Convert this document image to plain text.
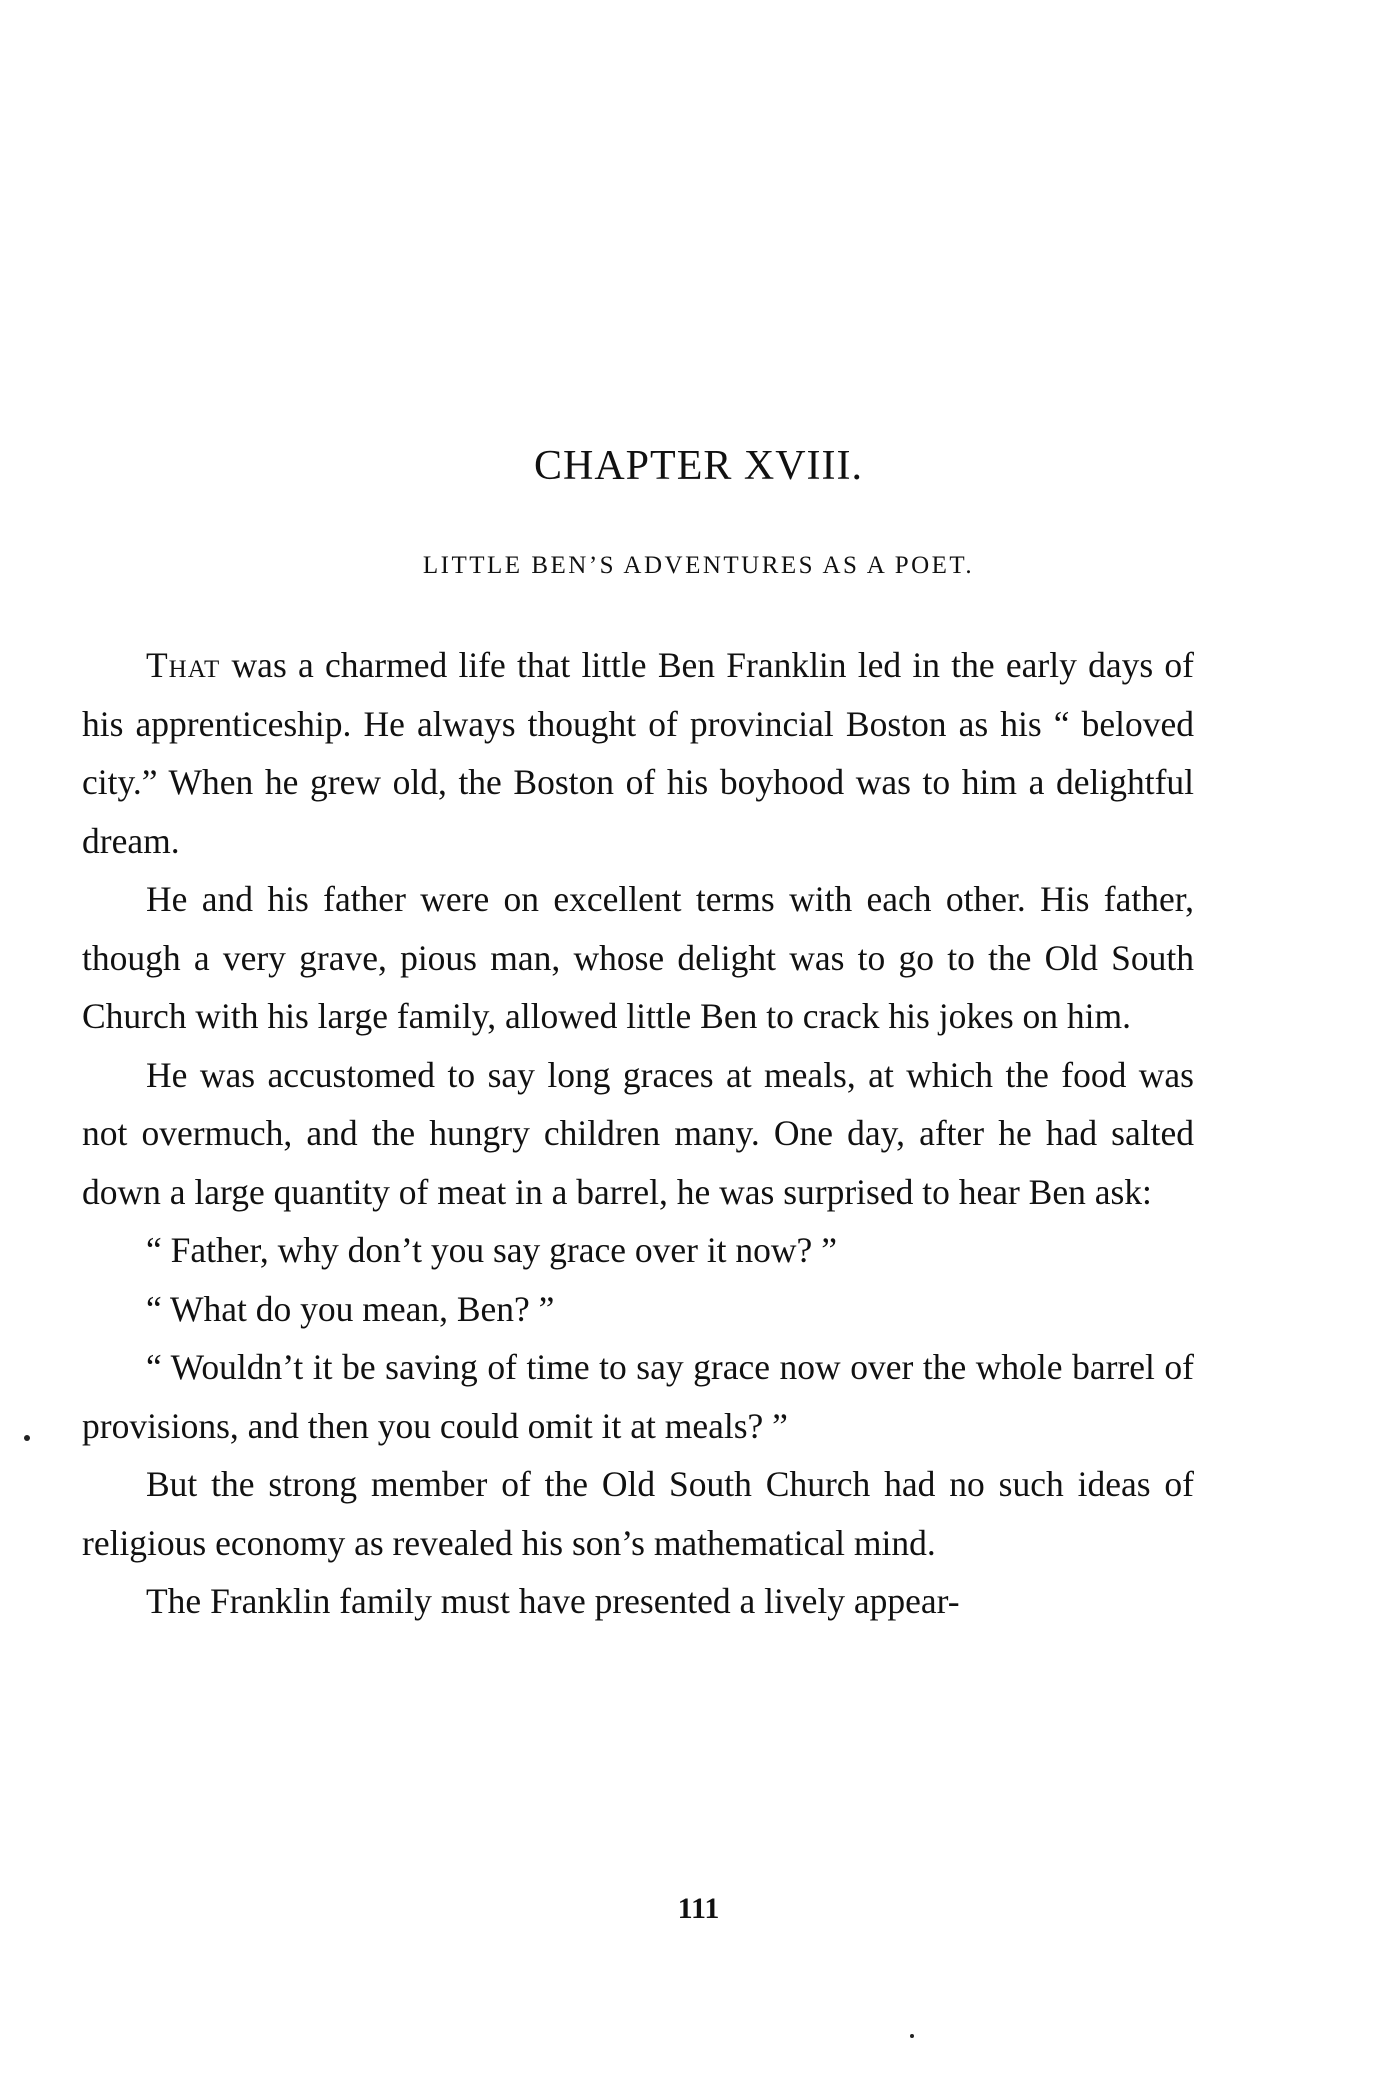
CHAPTER XVIII.
LITTLE BEN’S ADVENTURES AS A POET.

That was a charmed life that little Ben Franklin led in the early days of his apprenticeship. He always thought of provincial Boston as his “ beloved city.” When he grew old, the Boston of his boyhood was to him a delightful dream.

He and his father were on excellent terms with each other. His father, though a very grave, pious man, whose delight was to go to the Old South Church with his large family, allowed little Ben to crack his jokes on him.

He was accustomed to say long graces at meals, at which the food was not overmuch, and the hungry children many. One day, after he had salted down a large quantity of meat in a barrel, he was surprised to hear Ben ask:

“ Father, why don’t you say grace over it now? ”

“ What do you mean, Ben? ”

“ Wouldn’t it be saving of time to say grace now over the whole barrel of provisions, and then you could omit it at meals? ”

But the strong member of the Old South Church had no such ideas of religious economy as revealed his son’s mathematical mind.

The Franklin family must have presented a lively appear-

111
